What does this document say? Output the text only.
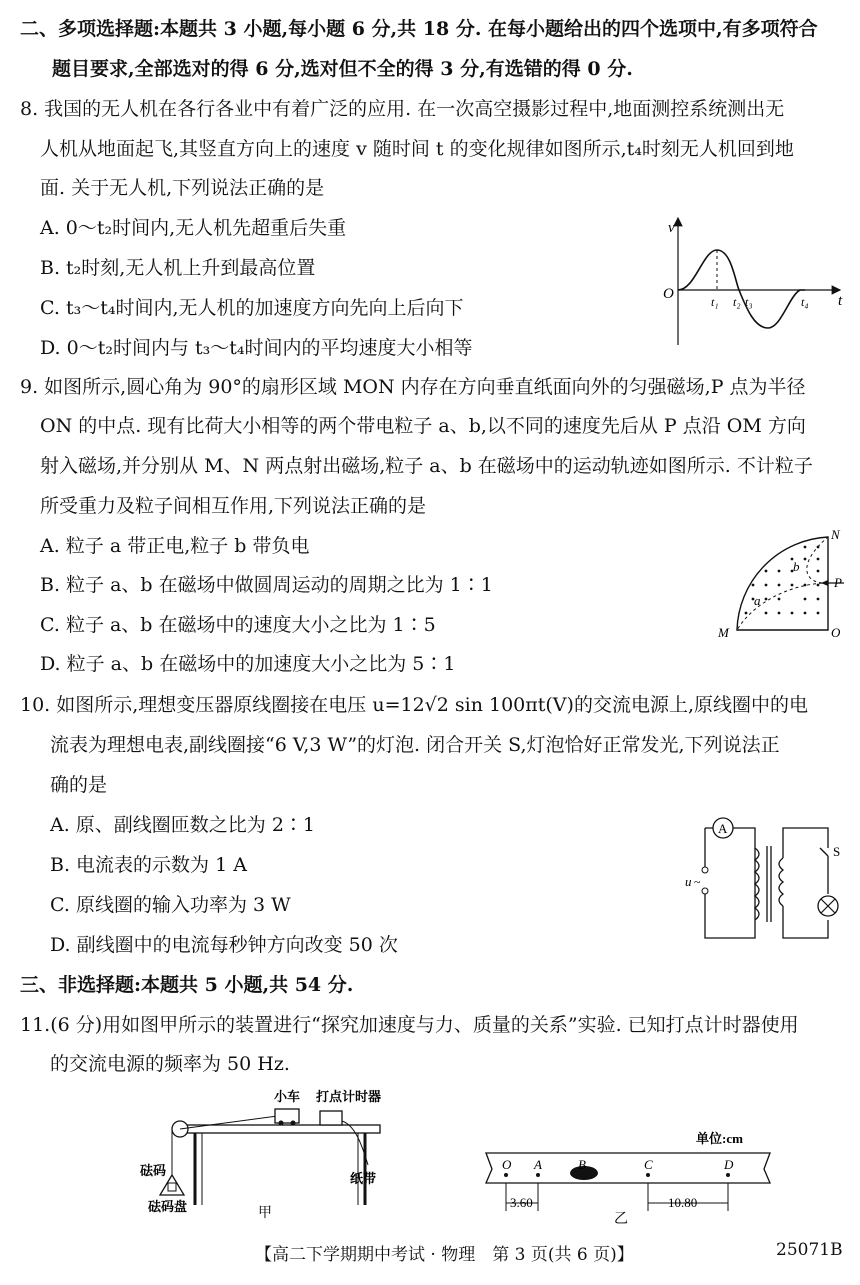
二、多项选择题:本题共 3 小题,每小题 6 分,共 18 分. 在每小题给出的四个选项中,有多项符合
题目要求,全部选对的得 6 分,选对但不全的得 3 分,有选错的得 0 分.
8. 我国的无人机在各行各业中有着广泛的应用. 在一次高空摄影过程中,地面测控系统测出无
人机从地面起飞,其竖直方向上的速度 v 随时间 t 的变化规律如图所示,t₄时刻无人机回到地
面. 关于无人机,下列说法正确的是
A. 0～t₂时间内,无人机先超重后失重
B. t₂时刻,无人机上升到最高位置
C. t₃～t₄时间内,无人机的加速度方向先向上后向下
D. 0～t₂时间内与 t₃～t₄时间内的平均速度大小相等
v
t
O	t₁ t₂ t₃	t₄
9. 如图所示,圆心角为 90°的扇形区域 MON 内存在方向垂直纸面向外的匀强磁场,P 点为半径
ON 的中点. 现有比荷大小相等的两个带电粒子 a、b,以不同的速度先后从 P 点沿 OM 方向
射入磁场,并分别从 M、N 两点射出磁场,粒子 a、b 在磁场中的运动轨迹如图所示. 不计粒子
所受重力及粒子间相互作用,下列说法正确的是
A. 粒子 a 带正电,粒子 b 带负电
B. 粒子 a、b 在磁场中做圆周运动的周期之比为 1∶1
C. 粒子 a、b 在磁场中的速度大小之比为 1∶5
D. 粒子 a、b 在磁场中的加速度大小之比为 5∶1
N
P
M	O
a
b
10. 如图所示,理想变压器原线圈接在电压 u=12√2 sin 100πt(V)的交流电源上,原线圈中的电
流表为理想电表,副线圈接“6 V,3 W”的灯泡. 闭合开关 S,灯泡恰好正常发光,下列说法正
确的是
A. 原、副线圈匝数之比为 2∶1
B. 电流表的示数为 1 A
C. 原线圈的输入功率为 3 W
D. 副线圈中的电流每秒钟方向改变 50 次
A
u ~
S
三、非选择题:本题共 5 小题,共 54 分.
11.(6 分)用如图甲所示的装置进行“探究加速度与力、质量的关系”实验. 已知打点计时器使用
的交流电源的频率为 50 Hz.
小车 打点计时器
纸带
砝码
砝码盘	甲
O A	B	C	D
单位:cm
3.60	10.80
乙
【高二下学期期中考试 · 物理　第 3 页(共 6 页)】	25071B
